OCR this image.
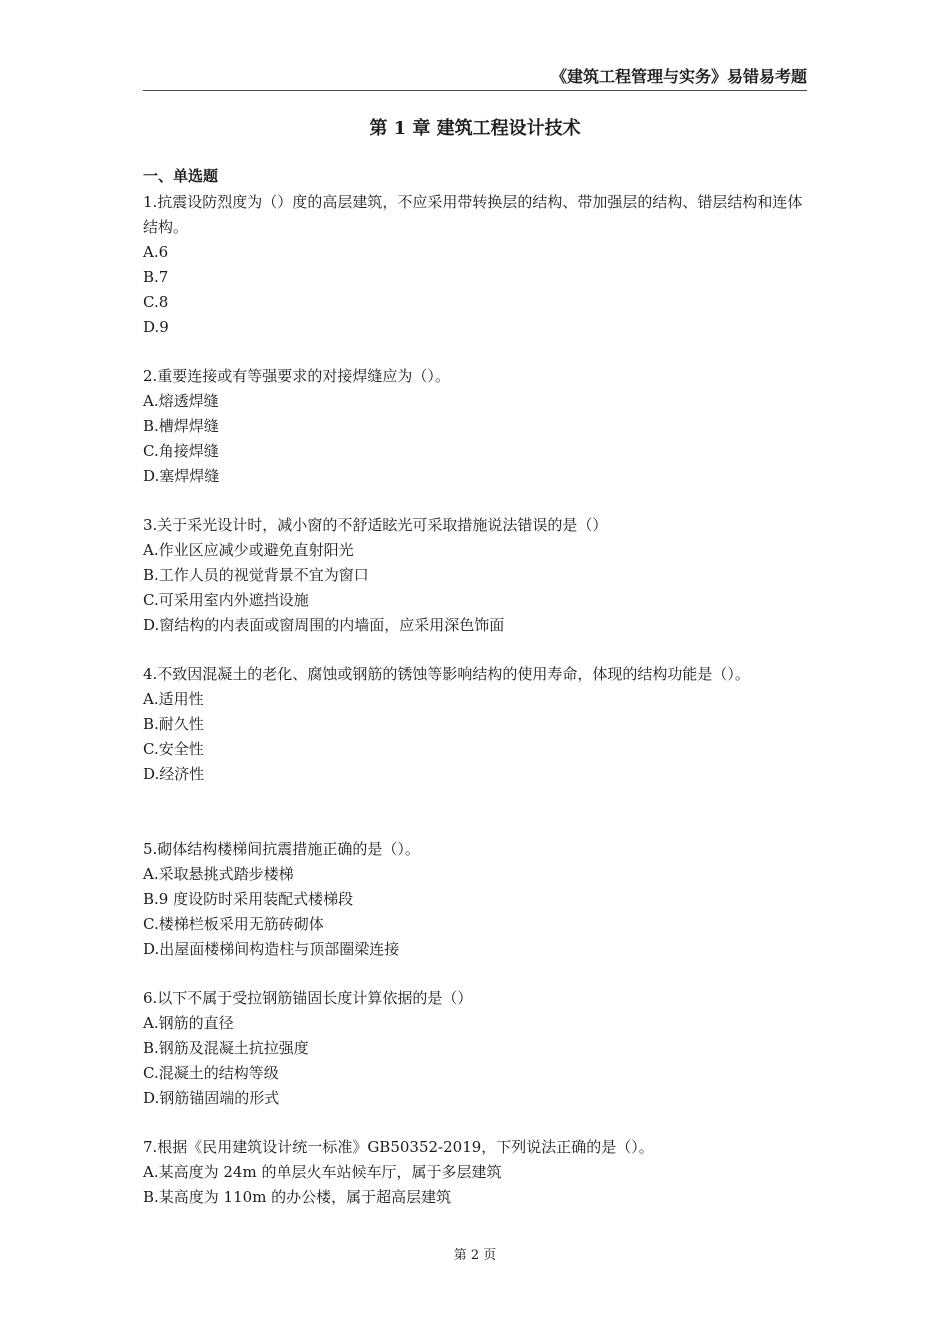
《建筑工程管理与实务》易错易考题
第 1 章 建筑工程设计技术
一、单选题
1.抗震设防烈度为（）度的高层建筑，不应采用带转换层的结构、带加强层的结构、错层结构和连体结构。
A.6
B.7
C.8
D.9
2.重要连接或有等强要求的对接焊缝应为（）。
A.熔透焊缝
B.槽焊焊缝
C.角接焊缝
D.塞焊焊缝
3.关于采光设计时，减小窗的不舒适眩光可采取措施说法错误的是（）
A.作业区应减少或避免直射阳光
B.工作人员的视觉背景不宜为窗口
C.可采用室内外遮挡设施
D.窗结构的内表面或窗周围的内墙面，应采用深色饰面
4.不致因混凝土的老化、腐蚀或钢筋的锈蚀等影响结构的使用寿命，体现的结构功能是（）。
A.适用性
B.耐久性
C.安全性
D.经济性
5.砌体结构楼梯间抗震措施正确的是（）。
A.采取悬挑式踏步楼梯
B.9 度设防时采用装配式楼梯段
C.楼梯栏板采用无筋砖砌体
D.出屋面楼梯间构造柱与顶部圈梁连接
6.以下不属于受拉钢筋锚固长度计算依据的是（）
A.钢筋的直径
B.钢筋及混凝土抗拉强度
C.混凝土的结构等级
D.钢筋锚固端的形式
7.根据《民用建筑设计统一标准》GB50352-2019，下列说法正确的是（）。
A.某高度为 24m 的单层火车站候车厅，属于多层建筑
B.某高度为 110m 的办公楼，属于超高层建筑
第 2 页
